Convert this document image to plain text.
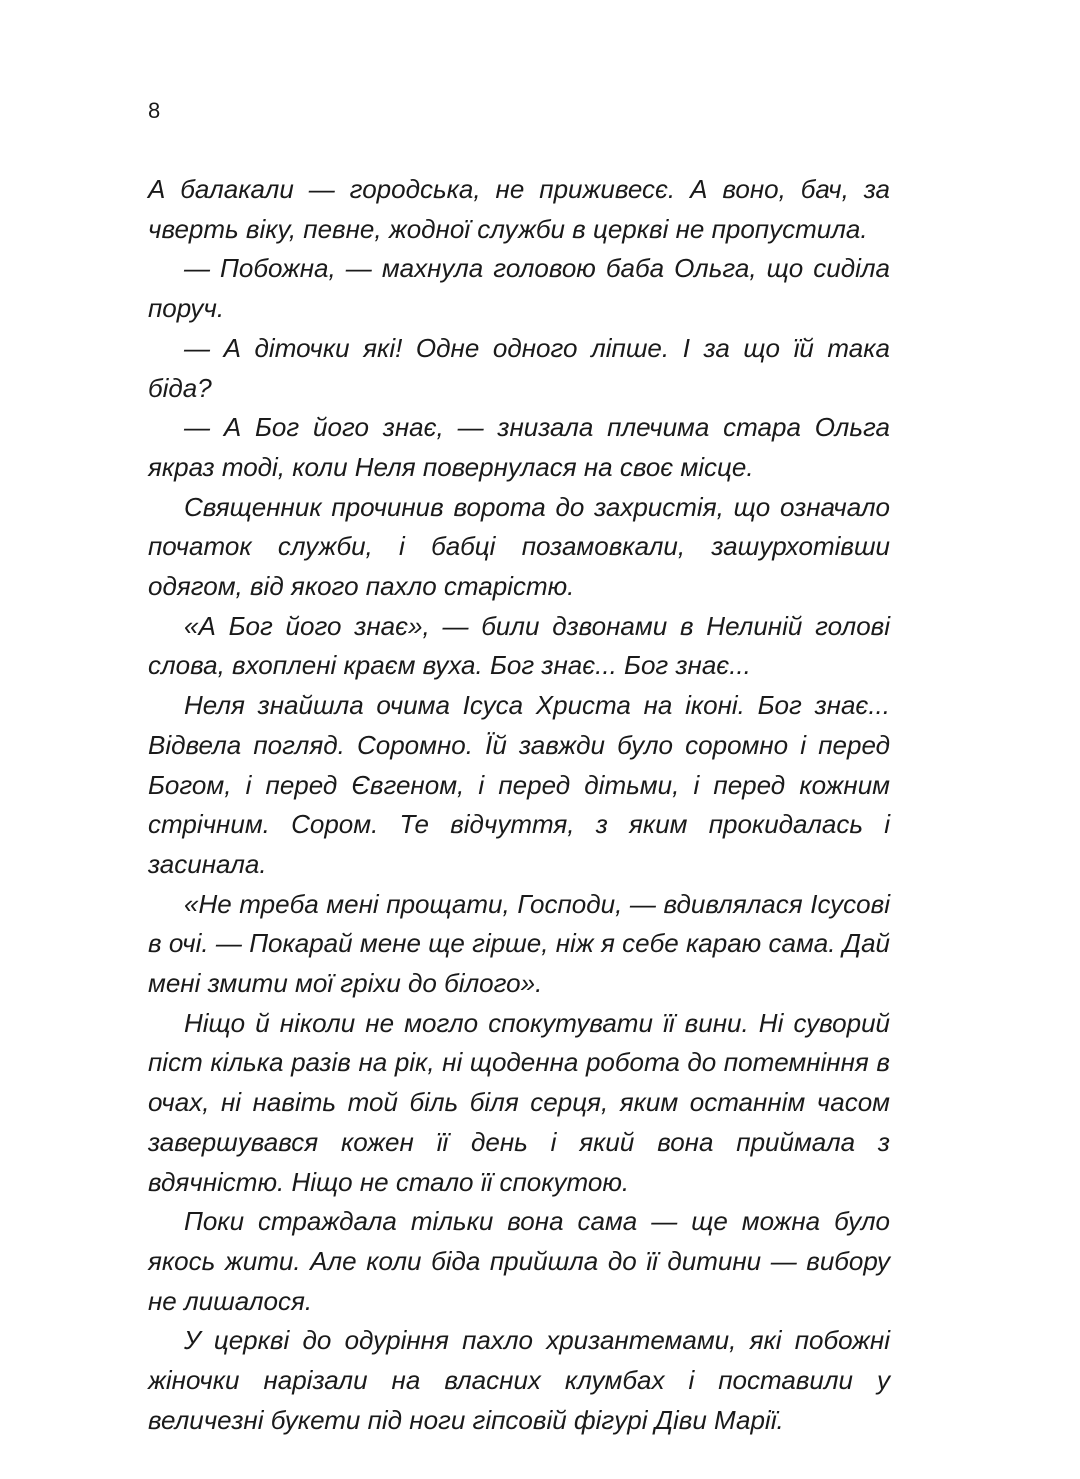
8

А балакали — городська, не приживесє. А воно, бач, за чверть віку, певне, жодної служби в церкві не пропустила.

— Побожна, — махнула головою баба Ольга, що сиділа поруч.

— А діточки які! Одне одного ліпше. І за що їй така біда?

— А Бог його знає, — знизала плечима стара Ольга якраз тоді, коли Неля повернулася на своє місце.

Священник прочинив ворота до захристія, що означало початок служби, і бабці позамовкали, зашурхотівши одягом, від якого пахло старістю.

«А Бог його знає», — били дзвонами в Нелиній голові слова, вхоплені краєм вуха. Бог знає... Бог знає...

Неля знайшла очима Ісуса Христа на іконі. Бог знає... Відвела погляд. Соромно. Їй завжди було соромно і перед Богом, і перед Євгеном, і перед дітьми, і перед кожним стрічним. Сором. Те відчуття, з яким прокидалась і засинала.

«Не треба мені прощати, Господи, — вдивлялася Ісусові в очі. — Покарай мене ще гірше, ніж я себе караю сама. Дай мені змити мої гріхи до білого».

Ніщо й ніколи не могло спокутувати її вини. Ні суворий піст кілька разів на рік, ні щоденна робота до потемніння в очах, ні навіть той біль біля серця, яким останнім часом завершувався кожен її день і який вона приймала з вдячністю. Ніщо не стало її спокутою.

Поки страждала тільки вона сама — ще можна було якось жити. Але коли біда прийшла до її дитини — вибору не лишалося.

У церкві до одуріння пахло хризантемами, які побожні жіночки нарізали на власних клумбах і поставили у величезні букети під ноги гіпсовій фігурі Діви Марії.
